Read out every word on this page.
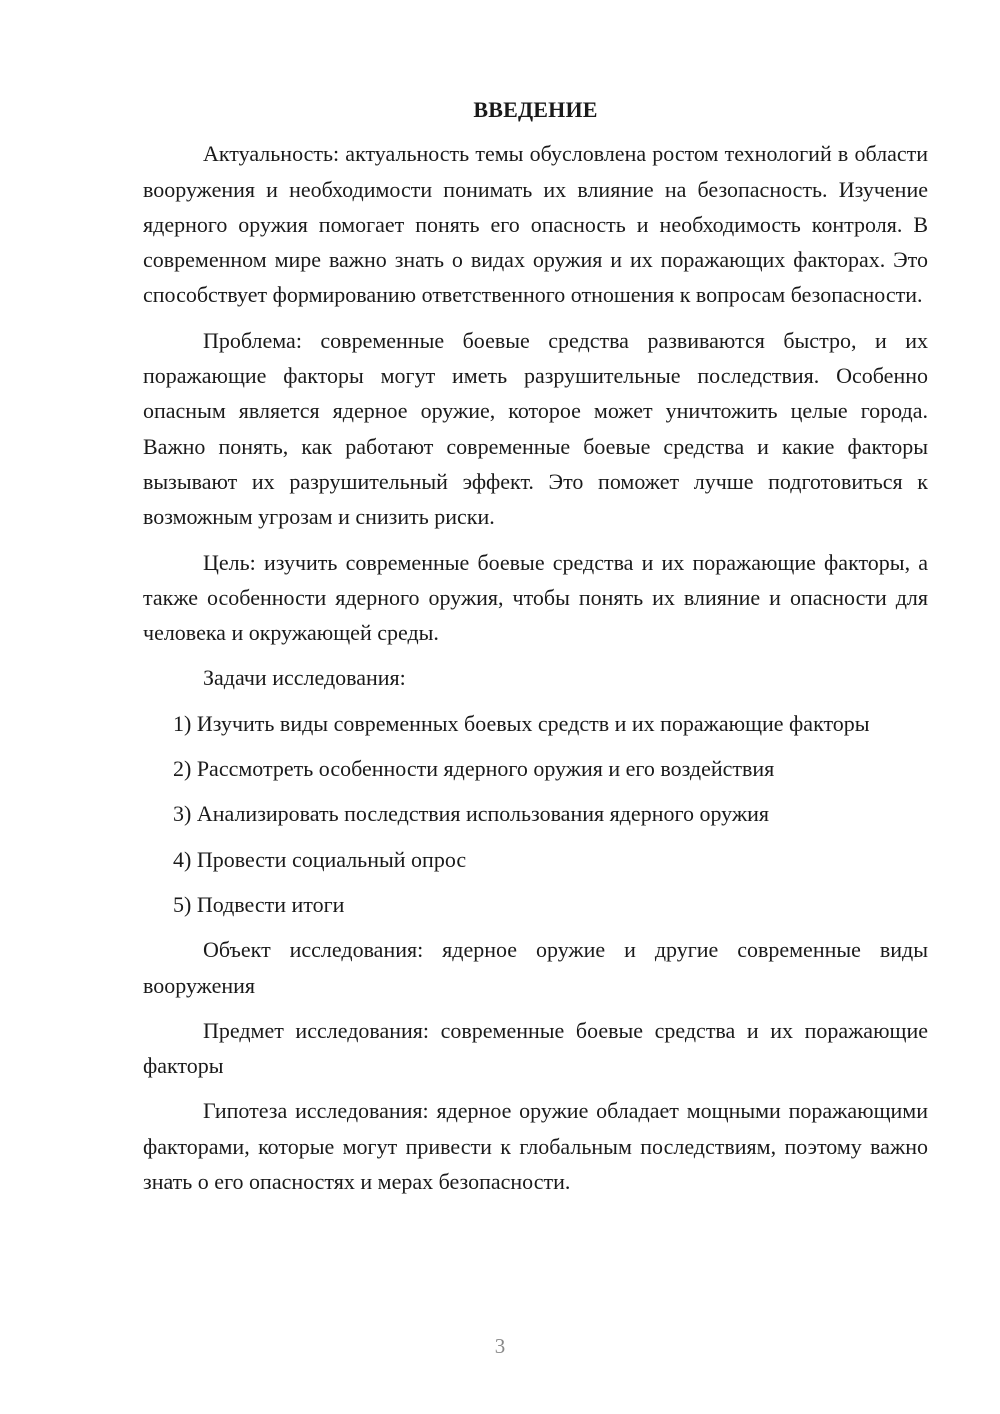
ВВЕДЕНИЕ

Актуальность: актуальность темы обусловлена ростом технологий в области вооружения и необходимости понимать их влияние на безопасность. Изучение ядерного оружия помогает понять его опасность и необходимость контроля. В современном мире важно знать о видах оружия и их поражающих факторах. Это способствует формированию ответственного отношения к вопросам безопасности.

Проблема: современные боевые средства развиваются быстро, и их поражающие факторы могут иметь разрушительные последствия. Особенно опасным является ядерное оружие, которое может уничтожить целые города. Важно понять, как работают современные боевые средства и какие факторы вызывают их разрушительный эффект. Это поможет лучше подготовиться к возможным угрозам и снизить риски.

Цель: изучить современные боевые средства и их поражающие факторы, а также особенности ядерного оружия, чтобы понять их влияние и опасности для человека и окружающей среды.

Задачи исследования:

1) Изучить виды современных боевых средств и их поражающие факторы

2) Рассмотреть особенности ядерного оружия и его воздействия

3) Анализировать последствия использования ядерного оружия

4) Провести социальный опрос

5) Подвести итоги

Объект исследования: ядерное оружие и другие современные виды вооружения

Предмет исследования: современные боевые средства и их поражающие факторы

Гипотеза исследования: ядерное оружие обладает мощными поражающими факторами, которые могут привести к глобальным последствиям, поэтому важно знать о его опасностях и мерах безопасности.

3
